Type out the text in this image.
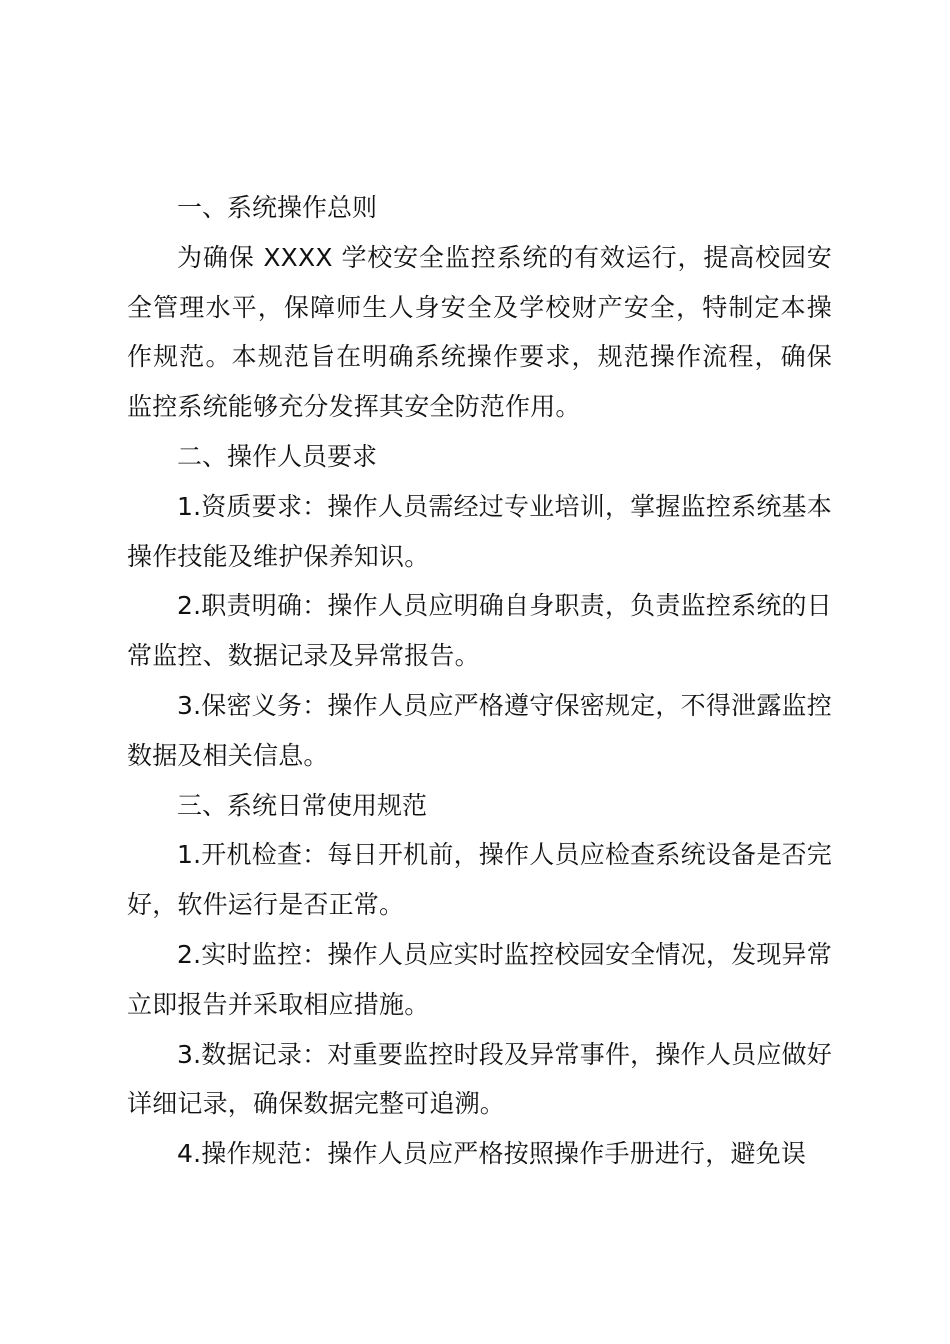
一、系统操作总则

为确保 XXXX 学校安全监控系统的有效运行，提高校园安全管理水平，保障师生人身安全及学校财产安全，特制定本操作规范。本规范旨在明确系统操作要求，规范操作流程，确保监控系统能够充分发挥其安全防范作用。

二、操作人员要求

1.资质要求：操作人员需经过专业培训，掌握监控系统基本操作技能及维护保养知识。

2.职责明确：操作人员应明确自身职责，负责监控系统的日常监控、数据记录及异常报告。

3.保密义务：操作人员应严格遵守保密规定，不得泄露监控数据及相关信息。

三、系统日常使用规范

1.开机检查：每日开机前，操作人员应检查系统设备是否完好，软件运行是否正常。

2.实时监控：操作人员应实时监控校园安全情况，发现异常立即报告并采取相应措施。

3.数据记录：对重要监控时段及异常事件，操作人员应做好详细记录，确保数据完整可追溯。

4.操作规范：操作人员应严格按照操作手册进行，避免误
